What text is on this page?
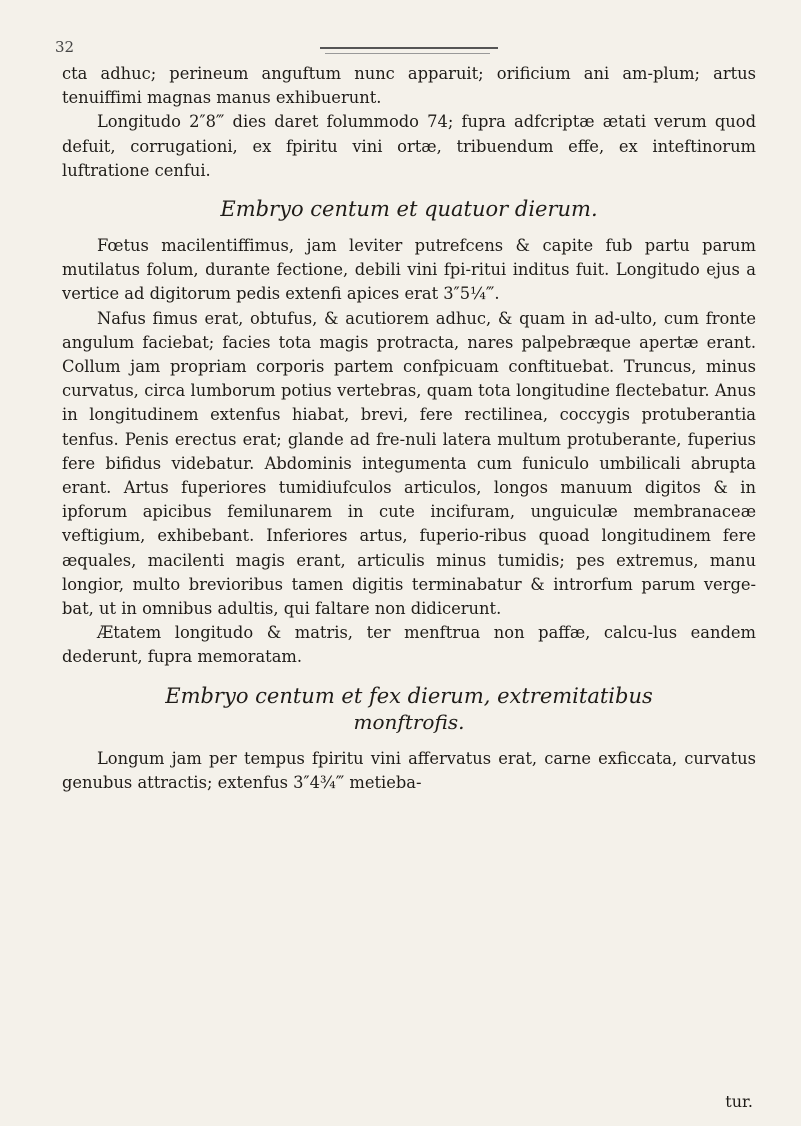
32

cta adhuc; perineum anguftum nunc apparuit; orificium ani am-plum; artus tenuiffimi magnas manus exhibuerunt.

Longitudo 2″8‴ dies daret folummodo 74; fupra adfcriptæ ætati verum quod defuit, corrugationi, ex fpiritu vini ortæ, tribuendum effe, ex inteftinorum luftratione cenfui.

Embryo centum et quatuor dierum.

Fœtus macilentiffimus, jam leviter putrefcens & capite fub partu parum mutilatus folum, durante fectione, debili vini fpi-ritui inditus fuit. Longitudo ejus a vertice ad digitorum pedis extenfi apices erat 3″5¼‴.

Nafus fimus erat, obtufus, & acutiorem adhuc, & quam in ad-ulto, cum fronte angulum faciebat; facies tota magis protracta, nares palpebræque apertæ erant. Collum jam propriam corporis partem confpicuam conftituebat. Truncus, minus curvatus, circa lumborum potius vertebras, quam tota longitudine flectebatur. Anus in longitudinem extenfus hiabat, brevi, fere rectilinea, coccygis protuberantia tenfus. Penis erectus erat; glande ad fre-nuli latera multum protuberante, fuperius fere bifidus videbatur. Abdominis integumenta cum funiculo umbilicali abrupta erant. Artus fuperiores tumidiufculos articulos, longos manuum digitos & in ipforum apicibus femilunarem in cute incifuram, unguiculæ membranaceæ veftigium, exhibebant. Inferiores artus, fuperio-ribus quoad longitudinem fere æquales, macilenti magis erant, articulis minus tumidis; pes extremus, manu longior, multo brevioribus tamen digitis terminabatur & introrfum parum verge-bat, ut in omnibus adultis, qui faltare non didicerunt.

Ætatem longitudo & matris, ter menftrua non paffæ, calcu-lus eandem dederunt, fupra memoratam.

Embryo centum et fex dierum, extremitatibus
monftrofis.

Longum jam per tempus fpiritu vini affervatus erat, carne exficcata, curvatus genubus attractis; extenfus 3″4¾‴ metieba-

tur.
